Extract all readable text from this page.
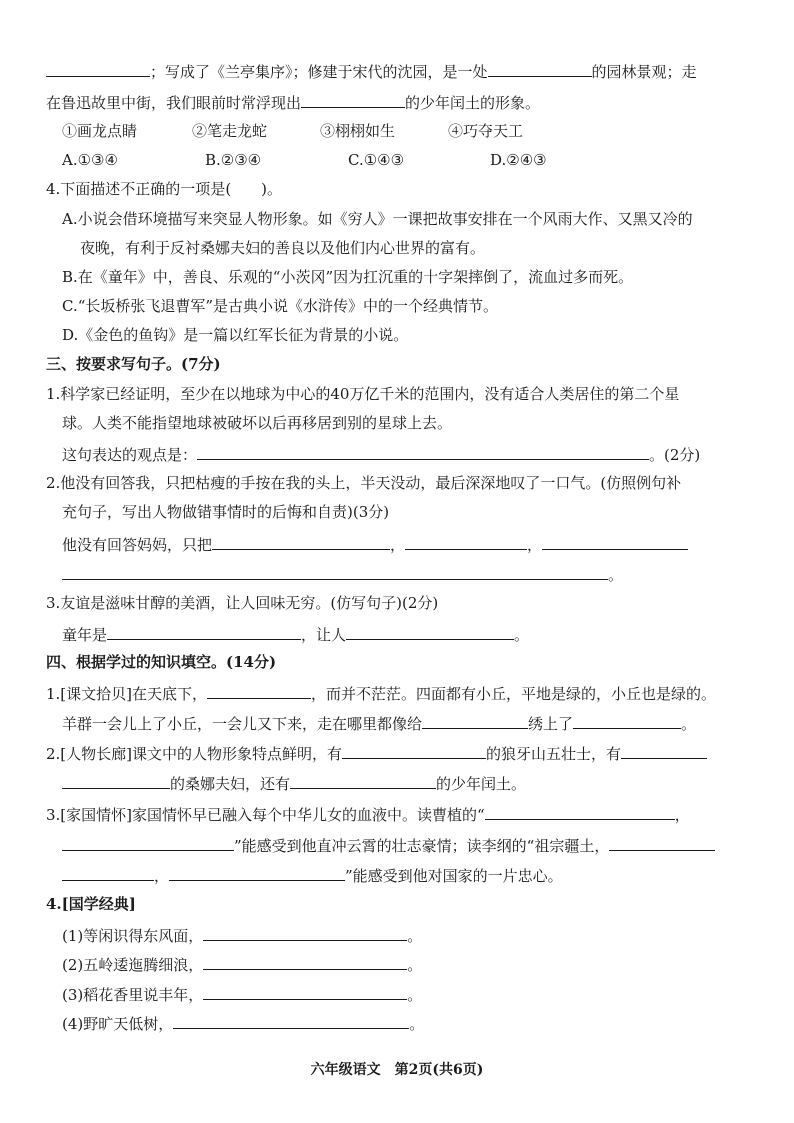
；写成了《兰亭集序》；修建于宋代的沈园，是一处	的园林景观；走
在鲁迅故里中街，我们眼前时常浮现出	的少年闰土的形象。
①画龙点睛	②笔走龙蛇	③栩栩如生	④巧夺天工
A.①③④	B.②③④	C.①④③	D.②④③
4.下面描述不正确的一项是(　　)。
A.小说会借环境描写来突显人物形象。如《穷人》一课把故事安排在一个风雨大作、又黑又冷的
夜晚，有利于反衬桑娜夫妇的善良以及他们内心世界的富有。
B.在《童年》中，善良、乐观的“小茨冈”因为扛沉重的十字架摔倒了，流血过多而死。
C.“长坂桥张飞退曹军”是古典小说《水浒传》中的一个经典情节。
D.《金色的鱼钩》是一篇以红军长征为背景的小说。
三、按要求写句子。(7分)
1.科学家已经证明，至少在以地球为中心的40万亿千米的范围内，没有适合人类居住的第二个星
球。人类不能指望地球被破坏以后再移居到别的星球上去。
这句表达的观点是：	。(2分)
2.他没有回答我，只把枯瘦的手按在我的头上，半天没动，最后深深地叹了一口气。(仿照例句补
充句子，写出人物做错事情时的后悔和自责)(3分)
他没有回答妈妈，只把	，	，
。
3.友谊是滋味甘醇的美酒，让人回味无穷。(仿写句子)(2分)
童年是	，让人	。
四、根据学过的知识填空。(14分)
1.[课文拾贝]在天底下，	，而并不茫茫。四面都有小丘，平地是绿的，小丘也是绿的。
羊群一会儿上了小丘，一会儿又下来，走在哪里都像给	绣上了	。
2.[人物长廊]课文中的人物形象特点鲜明，有	的狼牙山五壮士，有
的桑娜夫妇，还有	的少年闰土。
3.[家国情怀]家国情怀早已融入每个中华儿女的血液中。读曹植的“	，
”能感受到他直冲云霄的壮志豪情；读李纲的“祖宗疆土，
，	”能感受到他对国家的一片忠心。
4.[国学经典]
(1)等闲识得东风面，	。
(2)五岭逶迤腾细浪，	。
(3)稻花香里说丰年，	。
(4)野旷天低树，	。
六年级语文　第2页(共6页)
